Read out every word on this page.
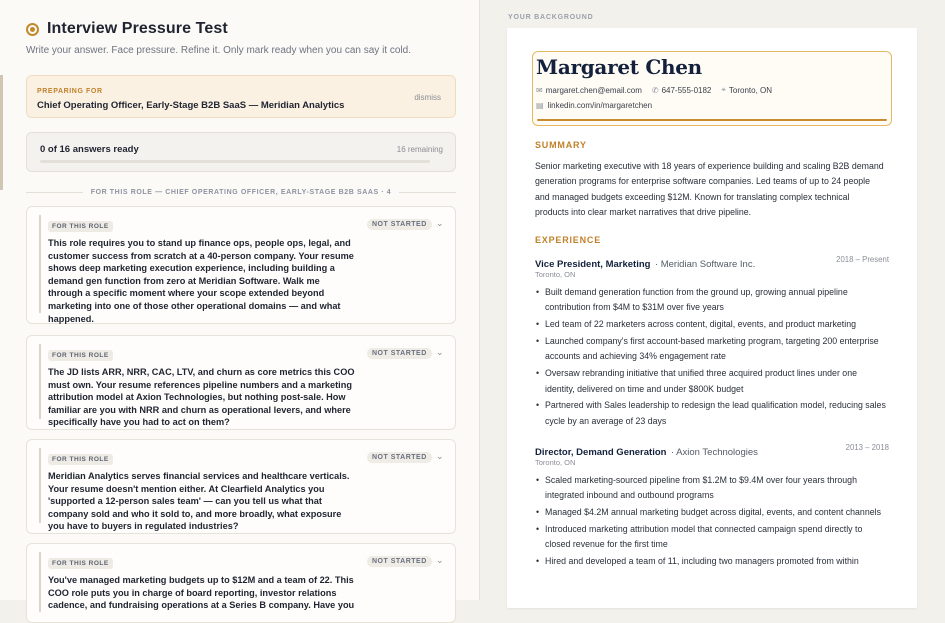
Interview Pressure Test
Write your answer. Face pressure. Refine it. Only mark ready when you can say it cold.
PREPARING FOR
Chief Operating Officer, Early-Stage B2B SaaS — Meridian Analytics
dismiss
0 of 16 answers ready	16 remaining
FOR THIS ROLE — CHIEF OPERATING OFFICER, EARLY-STAGE B2B SAAS · 4
FOR THIS ROLE
This role requires you to stand up finance ops, people ops, legal, and customer success from scratch at a 40-person company. Your resume shows deep marketing execution experience, including building a demand gen function from zero at Meridian Software. Walk me through a specific moment where your scope extended beyond marketing into one of those other operational domains — and what happened.
NOT STARTED	⌄
FOR THIS ROLE
The JD lists ARR, NRR, CAC, LTV, and churn as core metrics this COO must own. Your resume references pipeline numbers and a marketing attribution model at Axion Technologies, but nothing post-sale. How familiar are you with NRR and churn as operational levers, and where specifically have you had to act on them?
NOT STARTED	⌄
FOR THIS ROLE
Meridian Analytics serves financial services and healthcare verticals. Your resume doesn't mention either. At Clearfield Analytics you 'supported a 12-person sales team' — can you tell us what that company sold and who it sold to, and more broadly, what exposure you have to buyers in regulated industries?
NOT STARTED	⌄
FOR THIS ROLE
You've managed marketing budgets up to $12M and a team of 22. This COO role puts you in charge of board reporting, investor relations cadence, and fundraising operations at a Series B company. Have you
NOT STARTED	⌄
YOUR BACKGROUND
Margaret Chen
✉ margaret.chen@email.com ✆ 647-555-0182 ⌖ Toronto, ON
▤ linkedin.com/in/margaretchen
SUMMARY
Senior marketing executive with 18 years of experience building and scaling B2B demand generation programs for enterprise software companies. Led teams of up to 24 people and managed budgets exceeding $12M. Known for translating complex technical products into clear market narratives that drive pipeline.
EXPERIENCE
Vice President, Marketing · Meridian Software Inc.	2018 – Present
Toronto, ON
• Built demand generation function from the ground up, growing annual pipeline contribution from $4M to $31M over five years
• Led team of 22 marketers across content, digital, events, and product marketing
• Launched company's first account-based marketing program, targeting 200 enterprise accounts and achieving 34% engagement rate
• Oversaw rebranding initiative that unified three acquired product lines under one identity, delivered on time and under $800K budget
• Partnered with Sales leadership to redesign the lead qualification model, reducing sales cycle by an average of 23 days
Director, Demand Generation · Axion Technologies	2013 – 2018
Toronto, ON
• Scaled marketing-sourced pipeline from $1.2M to $9.4M over four years through integrated inbound and outbound programs
• Managed $4.2M annual marketing budget across digital, events, and content channels
• Introduced marketing attribution model that connected campaign spend directly to closed revenue for the first time
• Hired and developed a team of 11, including two managers promoted from within
